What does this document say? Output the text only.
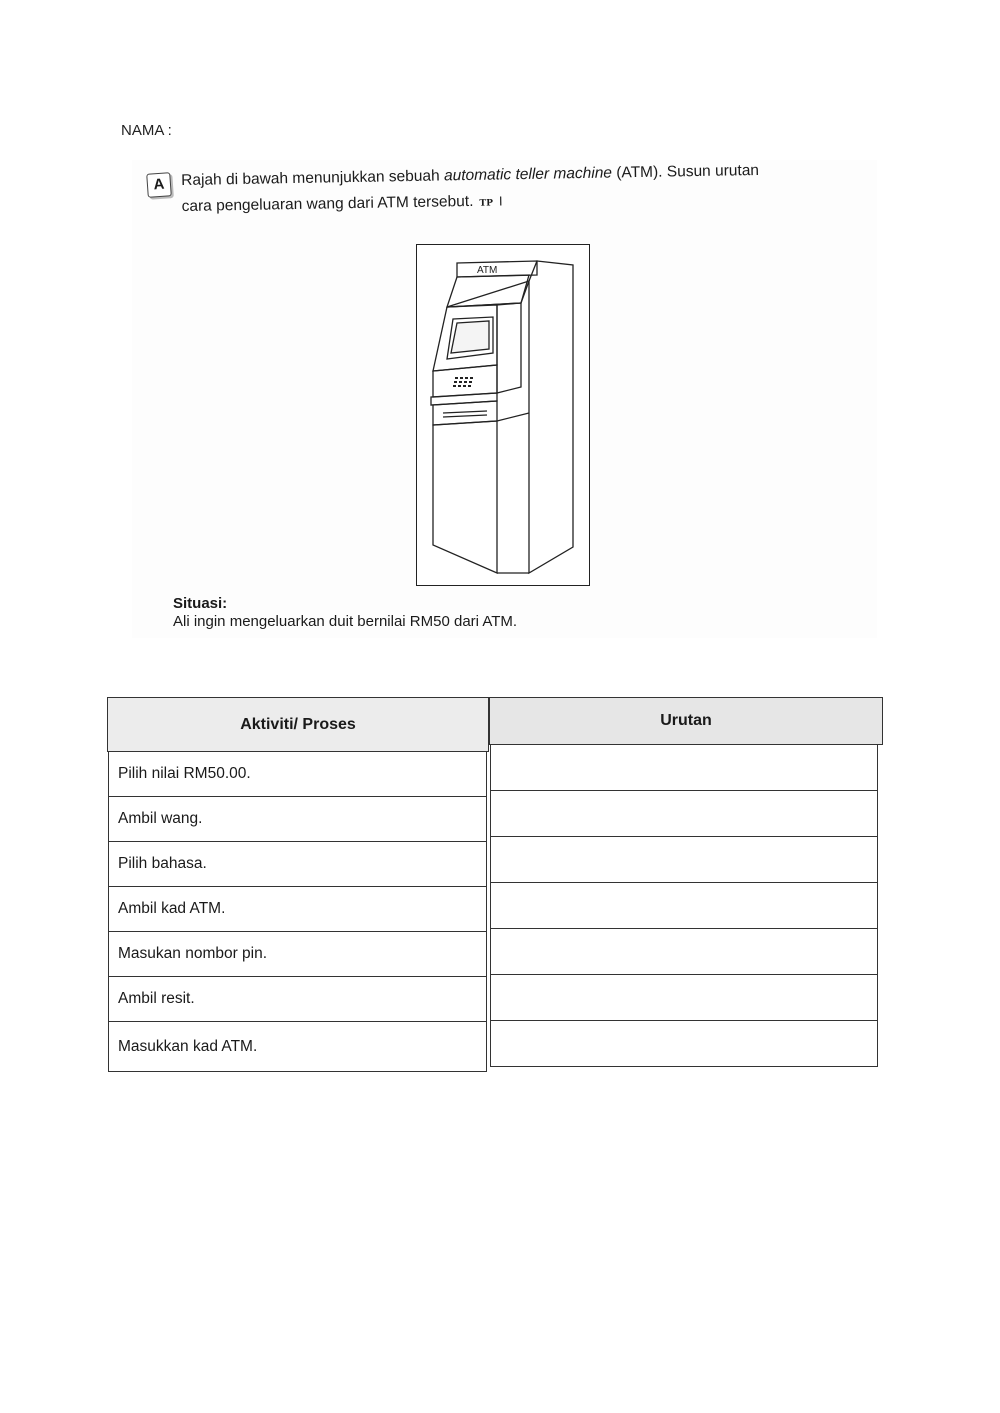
NAMA :
A	Rajah di bawah menunjukkan sebuah automatic teller machine (ATM). Susun urutan
cara pengeluaran wang dari ATM tersebut. TP I
ATM
Situasi:
Ali ingin mengeluarkan duit bernilai RM50 dari ATM.
Aktiviti/ Proses	Urutan
Pilih nilai RM50.00.
Ambil wang.
Pilih bahasa.
Ambil kad ATM.
Masukan nombor pin.
Ambil resit.
Masukkan kad ATM.
